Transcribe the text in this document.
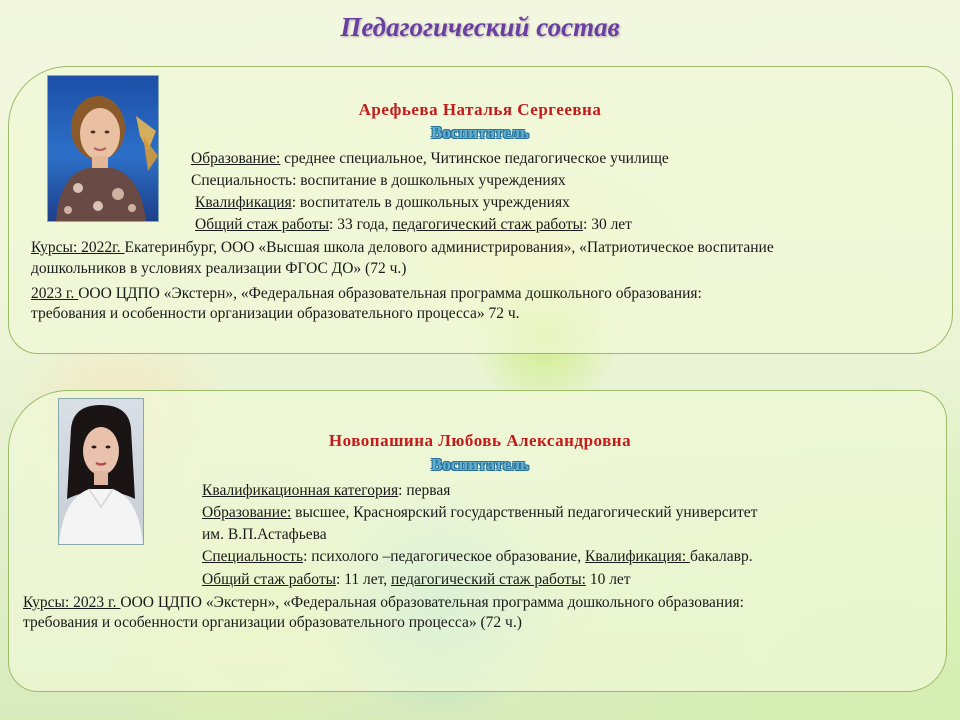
Педагогический состав
Арефьева Наталья Сергеевна
Воспитатель
Образование: среднее специальное, Читинское педагогическое училище
Специальность: воспитание в дошкольных учреждениях
Квалификация: воспитатель в дошкольных учреждениях
Общий стаж работы: 33 года, педагогический стаж работы: 30 лет
Курсы: 2022г. Екатеринбург, ООО «Высшая школа делового администрирования», «Патриотическое воспитание
дошкольников в условиях реализации ФГОС ДО» (72 ч.)
2023 г. ООО ЦДПО «Экстерн», «Федеральная образовательная программа дошкольного образования:
требования и особенности организации образовательного процесса» 72 ч.
Новопашина Любовь Александровна
Воспитатель
Квалификационная категория: первая
Образование: высшее, Красноярский государственный педагогический университет
им. В.П.Астафьева
Специальность: психолого –педагогическое образование, Квалификация: бакалавр.
Общий стаж работы: 11 лет, педагогический стаж работы: 10 лет
Курсы: 2023 г. ООО ЦДПО «Экстерн», «Федеральная образовательная программа дошкольного образования:
требования и особенности организации образовательного процесса» (72 ч.)
